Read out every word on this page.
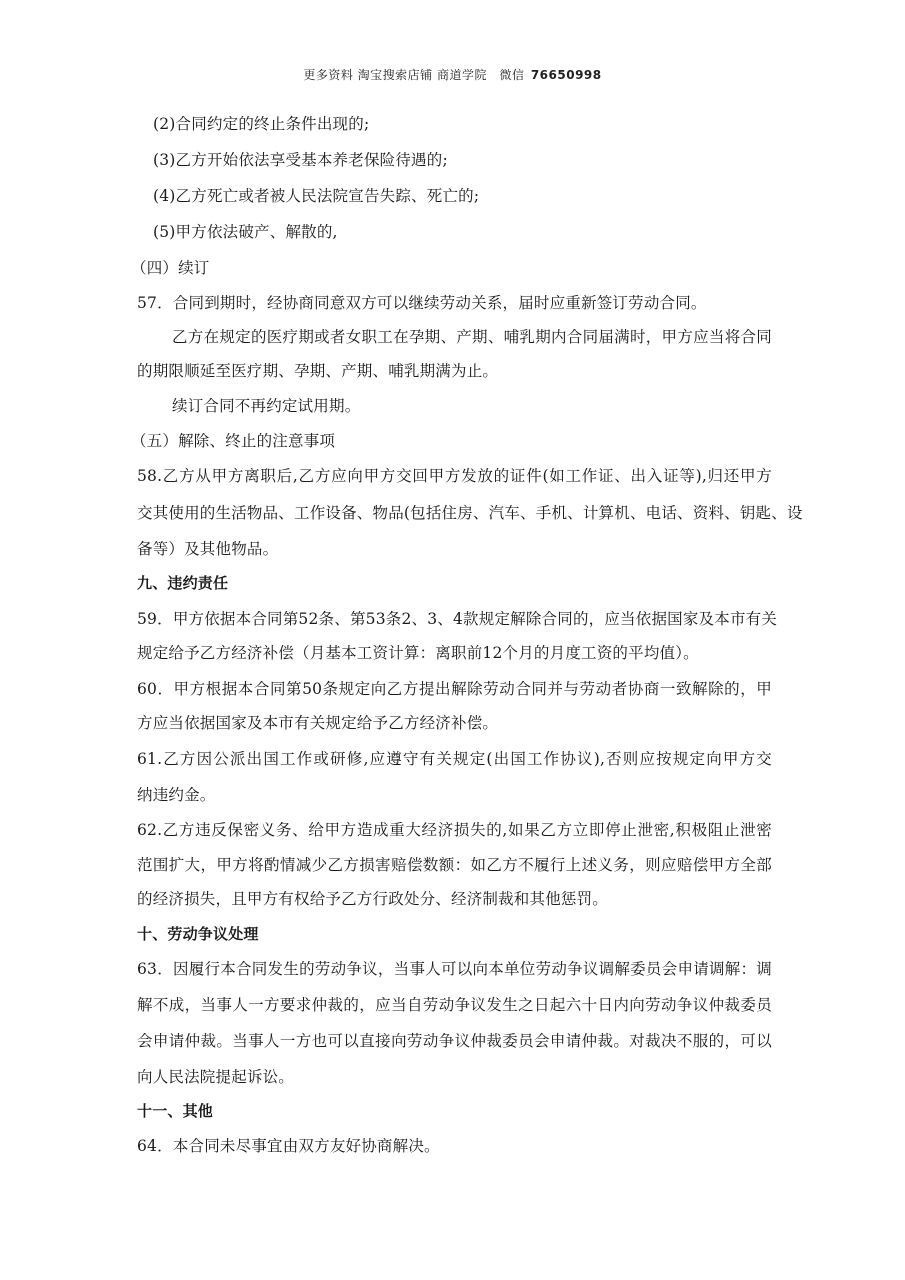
更多资料 淘宝搜索店铺 商道学院　微信 76650998
(2)合同约定的终止条件出现的;
(3)乙方开始依法享受基本养老保险待遇的;
(4)乙方死亡或者被人民法院宣告失踪、死亡的;
(5)甲方依法破产、解散的,
（四）续订
57．合同到期时，经协商同意双方可以继续劳动关系，届时应重新签订劳动合同。
乙方在规定的医疗期或者女职工在孕期、产期、哺乳期内合同届满时，甲方应当将合同
的期限顺延至医疗期、孕期、产期、哺乳期满为止。
续订合同不再约定试用期。
（五）解除、终止的注意事项
58.乙方从甲方离职后,乙方应向甲方交回甲方发放的证件(如工作证、出入证等),归还甲方
交其使用的生活物品、工作设备、物品(包括住房、汽车、手机、计算机、电话、资料、钥匙、设
备等）及其他物品。
九、违约责任
59．甲方依据本合同第52条、第53条2、3、4款规定解除合同的，应当依据国家及本市有关
规定给予乙方经济补偿（月基本工资计算：离职前12个月的月度工资的平均值）。
60．甲方根据本合同第50条规定向乙方提出解除劳动合同并与劳动者协商一致解除的，甲
方应当依据国家及本市有关规定给予乙方经济补偿。
61.乙方因公派出国工作或研修,应遵守有关规定(出国工作协议),否则应按规定向甲方交
纳违约金。
62.乙方违反保密义务、给甲方造成重大经济损失的,如果乙方立即停止泄密,积极阻止泄密
范围扩大，甲方将酌情减少乙方损害赔偿数额：如乙方不履行上述义务，则应赔偿甲方全部
的经济损失，且甲方有权给予乙方行政处分、经济制裁和其他惩罚。
十、劳动争议处理
63．因履行本合同发生的劳动争议，当事人可以向本单位劳动争议调解委员会申请调解：调
解不成，当事人一方要求仲裁的，应当自劳动争议发生之日起六十日内向劳动争议仲裁委员
会申请仲裁。当事人一方也可以直接向劳动争议仲裁委员会申请仲裁。对裁决不服的，可以
向人民法院提起诉讼。
十一、其他
64．本合同未尽事宜由双方友好协商解决。
